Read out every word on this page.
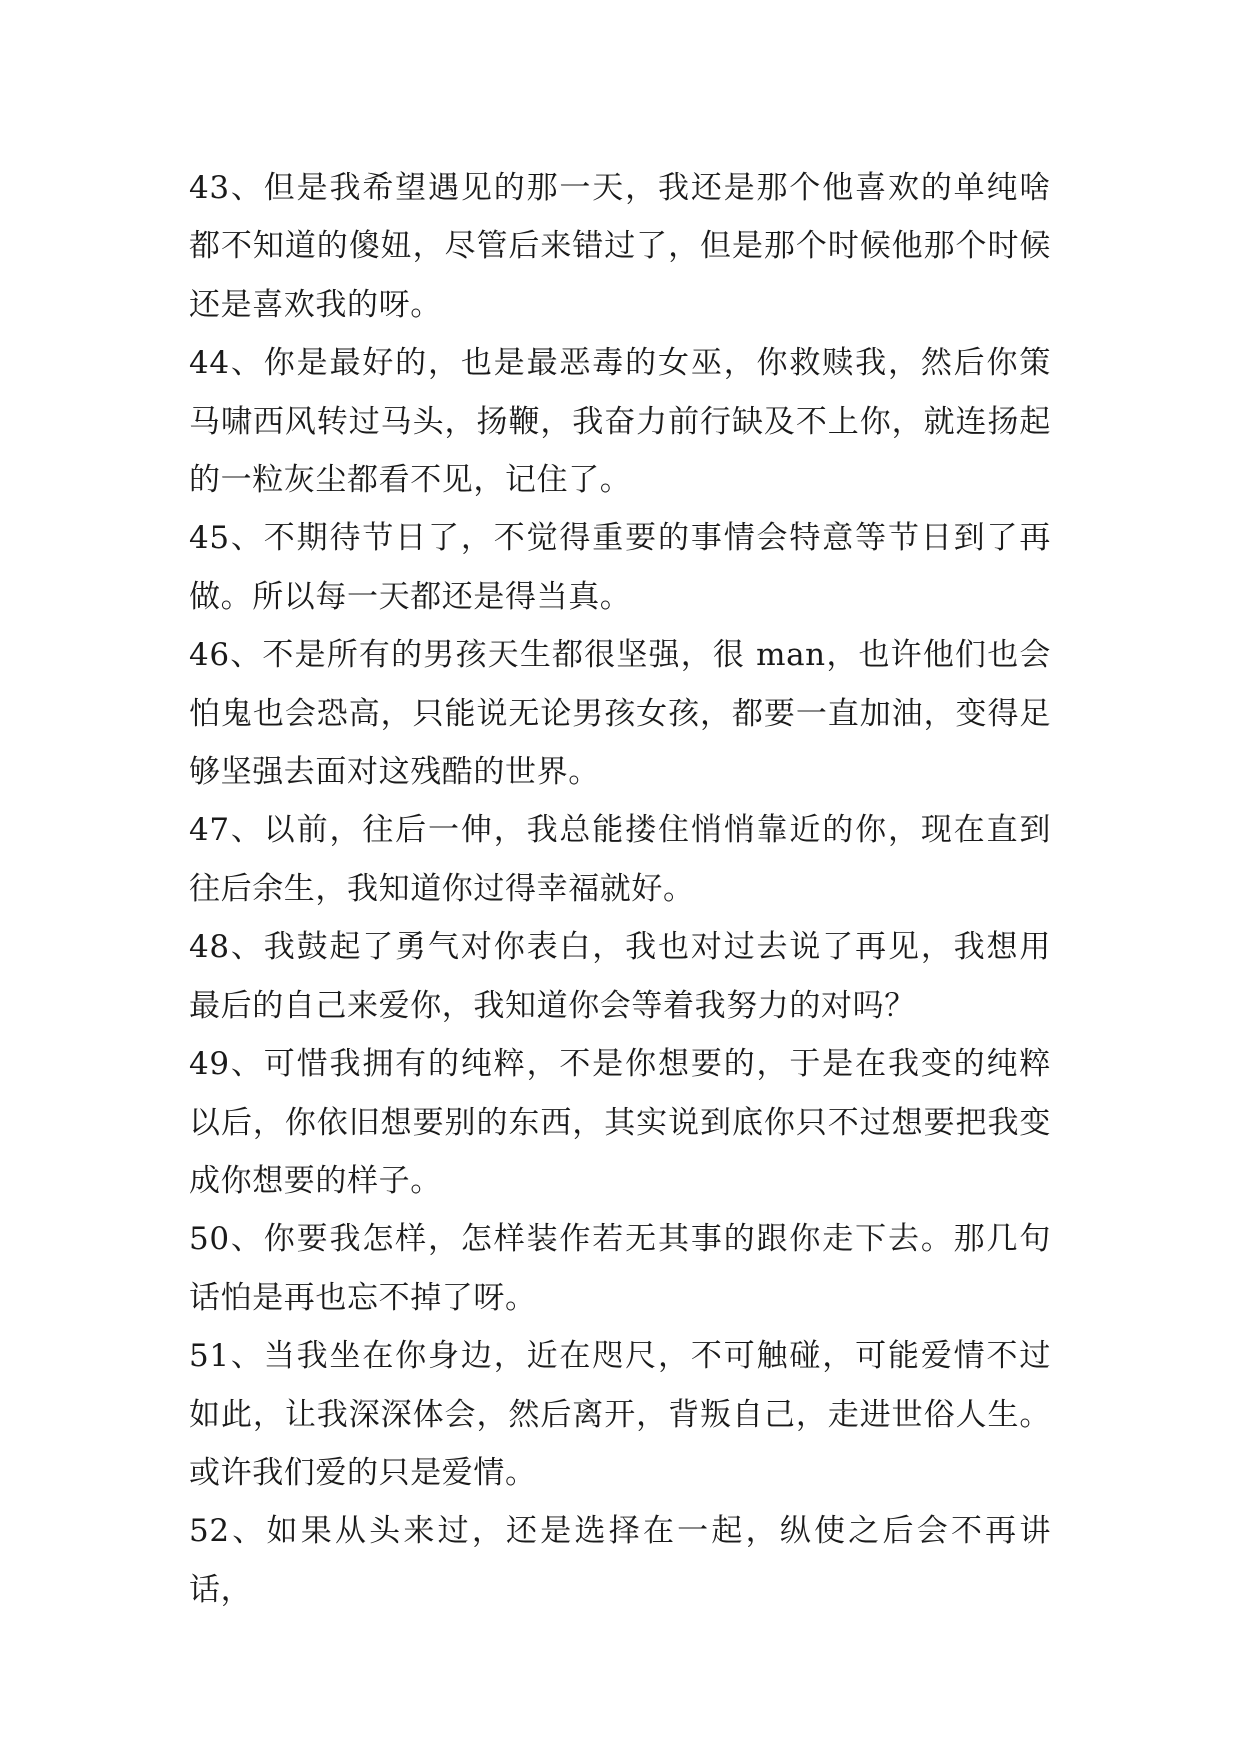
43、但是我希望遇见的那一天，我还是那个他喜欢的单纯啥都不知道的傻妞，尽管后来错过了，但是那个时候他那个时候还是喜欢我的呀。

44、你是最好的，也是最恶毒的女巫，你救赎我，然后你策马啸西风转过马头，扬鞭，我奋力前行缺及不上你，就连扬起的一粒灰尘都看不见，记住了。

45、不期待节日了，不觉得重要的事情会特意等节日到了再做。所以每一天都还是得当真。

46、不是所有的男孩天生都很坚强，很 man，也许他们也会怕鬼也会恐高，只能说无论男孩女孩，都要一直加油，变得足够坚强去面对这残酷的世界。

47、以前，往后一伸，我总能搂住悄悄靠近的你，现在直到往后余生，我知道你过得幸福就好。

48、我鼓起了勇气对你表白，我也对过去说了再见，我想用最后的自己来爱你，我知道你会等着我努力的对吗？

49、可惜我拥有的纯粹，不是你想要的，于是在我变的纯粹以后，你依旧想要别的东西，其实说到底你只不过想要把我变成你想要的样子。

50、你要我怎样，怎样装作若无其事的跟你走下去。那几句话怕是再也忘不掉了呀。

51、当我坐在你身边，近在咫尺，不可触碰，可能爱情不过如此，让我深深体会，然后离开，背叛自己，走进世俗人生。或许我们爱的只是爱情。

52、如果从头来过，还是选择在一起，纵使之后会不再讲话，
